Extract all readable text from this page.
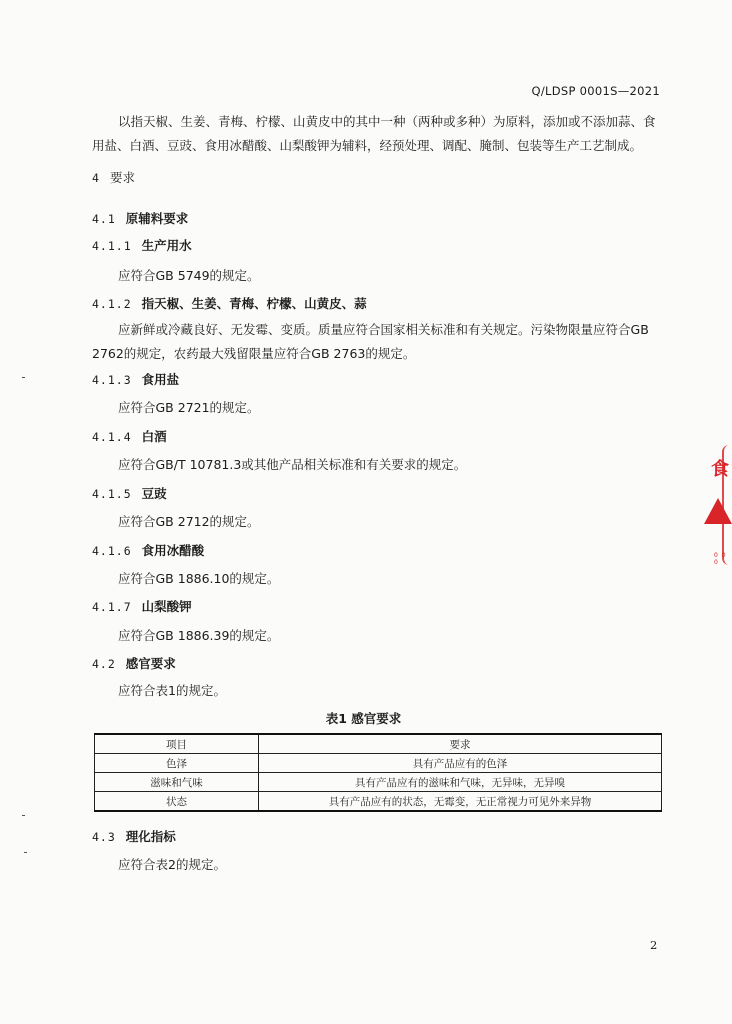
Q/LDSP 0001S—2021
以指天椒、生姜、青梅、柠檬、山黄皮中的其中一种（两种或多种）为原料，添加或不添加蒜、食用盐、白酒、豆豉、食用冰醋酸、山梨酸钾为辅料，经预处理、调配、腌制、包装等生产工艺制成。
4 要求
4.1 原辅料要求
4.1.1 生产用水
应符合GB 5749的规定。
4.1.2 指天椒、生姜、青梅、柠檬、山黄皮、蒜
应新鲜或冷藏良好、无发霉、变质。质量应符合国家相关标准和有关规定。污染物限量应符合GB 2762的规定，农药最大残留限量应符合GB 2763的规定。
4.1.3 食用盐
应符合GB 2721的规定。
4.1.4 白酒
应符合GB/T 10781.3或其他产品相关标准和有关要求的规定。
4.1.5 豆豉
应符合GB 2712的规定。
4.1.6 食用冰醋酸
应符合GB 1886.10的规定。
4.1.7 山梨酸钾
应符合GB 1886.39的规定。
4.2 感官要求
应符合表1的规定。
表1 感官要求
项目	要求
色泽	具有产品应有的色泽
滋味和气味	具有产品应有的滋味和气味，无异味，无异嗅
状态	具有产品应有的状态，无霉变，无正常视力可见外来异物
4.3 理化指标
应符合表2的规定。
2
食
0 0 0
